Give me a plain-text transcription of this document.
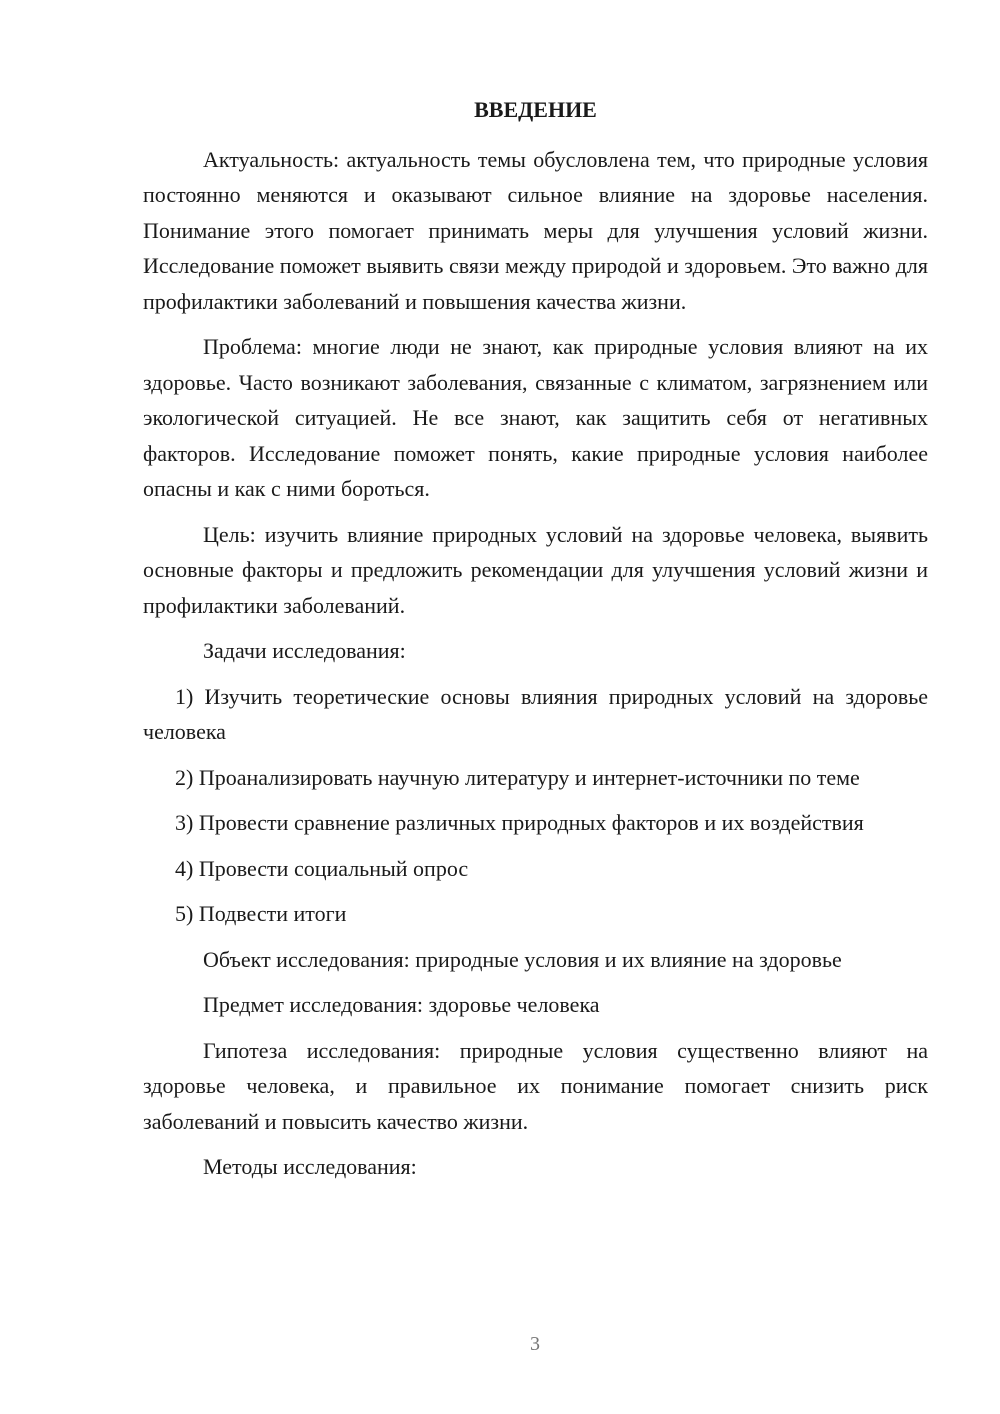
ВВЕДЕНИЕ

Актуальность: актуальность темы обусловлена тем, что природные условия постоянно меняются и оказывают сильное влияние на здоровье населения. Понимание этого помогает принимать меры для улучшения условий жизни. Исследование поможет выявить связи между природой и здоровьем. Это важно для профилактики заболеваний и повышения качества жизни.

Проблема: многие люди не знают, как природные условия влияют на их здоровье. Часто возникают заболевания, связанные с климатом, загрязнением или экологической ситуацией. Не все знают, как защитить себя от негативных факторов. Исследование поможет понять, какие природные условия наиболее опасны и как с ними бороться.

Цель: изучить влияние природных условий на здоровье человека, выявить основные факторы и предложить рекомендации для улучшения условий жизни и профилактики заболеваний.

Задачи исследования:

1) Изучить теоретические основы влияния природных условий на здоровье человека

2) Проанализировать научную литературу и интернет-источники по теме

3) Провести сравнение различных природных факторов и их воздействия

4) Провести социальный опрос

5) Подвести итоги

Объект исследования: природные условия и их влияние на здоровье

Предмет исследования: здоровье человека

Гипотеза исследования: природные условия существенно влияют на здоровье человека, и правильное их понимание помогает снизить риск заболеваний и повысить качество жизни.

Методы исследования:

3
